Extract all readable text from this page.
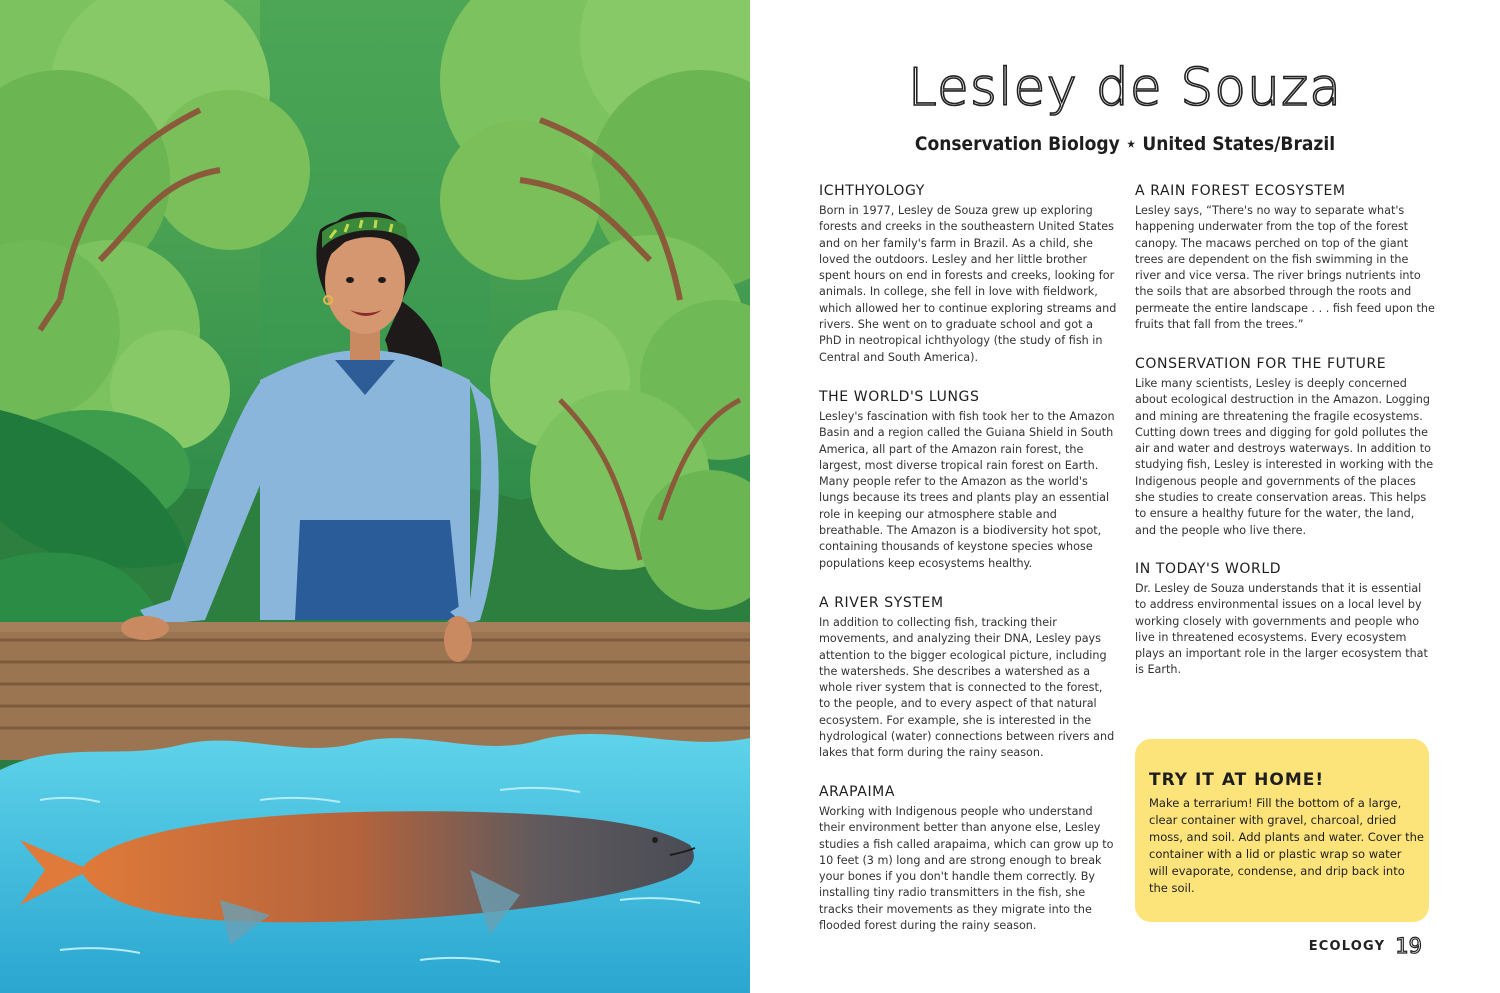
Lesley de Souza
Conservation Biology ⋆ United States/Brazil
ICHTHYOLOGY

Born in 1977, Lesley de Souza grew up exploring forests and creeks in the southeastern United States and on her family's farm in Brazil. As a child, she loved the outdoors. Lesley and her little brother spent hours on end in forests and creeks, looking for animals. In college, she fell in love with fieldwork, which allowed her to continue exploring streams and rivers. She went on to graduate school and got a PhD in neotropical ichthyology (the study of fish in Central and South America).

THE WORLD'S LUNGS

Lesley's fascination with fish took her to the Amazon Basin and a region called the Guiana Shield in South America, all part of the Amazon rain forest, the largest, most diverse tropical rain forest on Earth. Many people refer to the Amazon as the world's lungs because its trees and plants play an essential role in keeping our atmosphere stable and breathable. The Amazon is a biodiversity hot spot, containing thousands of keystone species whose populations keep ecosystems healthy.

A RIVER SYSTEM

In addition to collecting fish, tracking their movements, and analyzing their DNA, Lesley pays attention to the bigger ecological picture, including the watersheds. She describes a watershed as a whole river system that is connected to the forest, to the people, and to every aspect of that natural ecosystem. For example, she is interested in the hydrological (water) connections between rivers and lakes that form during the rainy season.

ARAPAIMA

Working with Indigenous people who understand their environment better than anyone else, Lesley studies a fish called arapaima, which can grow up to 10 feet (3 m) long and are strong enough to break your bones if you don't handle them correctly. By installing tiny radio transmitters in the fish, she tracks their movements as they migrate into the flooded forest during the rainy season.

A RAIN FOREST ECOSYSTEM

Lesley says, “There's no way to separate what's happening underwater from the top of the forest canopy. The macaws perched on top of the giant trees are dependent on the fish swimming in the river and vice versa. The river brings nutrients into the soils that are absorbed through the roots and permeate the entire landscape . . . fish feed upon the fruits that fall from the trees.”

CONSERVATION FOR THE FUTURE

Like many scientists, Lesley is deeply concerned about ecological destruction in the Amazon. Logging and mining are threatening the fragile ecosystems. Cutting down trees and digging for gold pollutes the air and water and destroys waterways. In addition to studying fish, Lesley is interested in working with the Indigenous people and governments of the places she studies to create conservation areas. This helps to ensure a healthy future for the water, the land, and the people who live there.

IN TODAY'S WORLD

Dr. Lesley de Souza understands that it is essential to address environmental issues on a local level by working closely with governments and people who live in threatened ecosystems. Every ecosystem plays an important role in the larger ecosystem that is Earth.

TRY IT AT HOME!

Make a terrarium! Fill the bottom of a large, clear container with gravel, charcoal, dried moss, and soil. Add plants and water. Cover the container with a lid or plastic wrap so water will evaporate, condense, and drip back into the soil.

ECOLOGY 19
